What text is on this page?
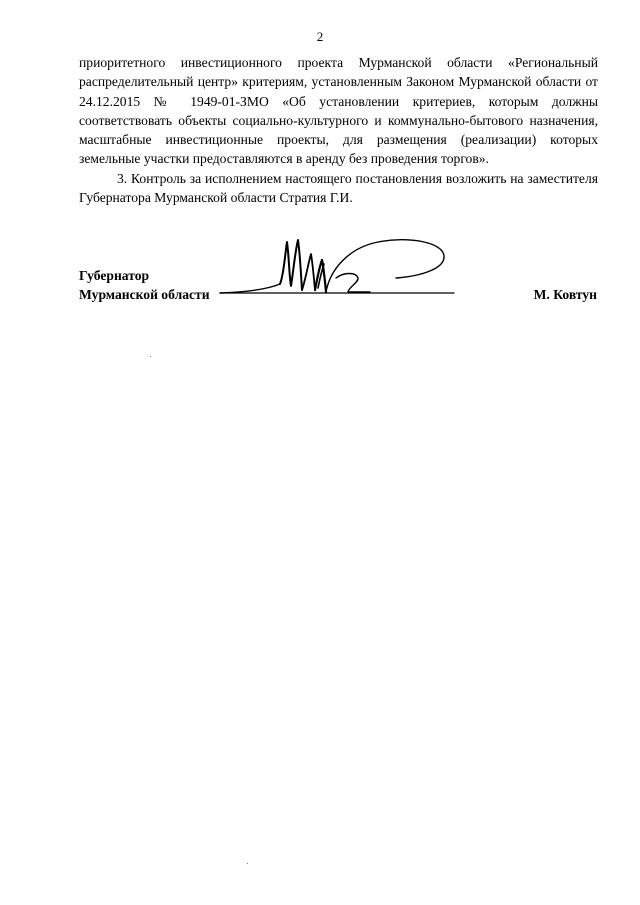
2

приоритетного инвестиционного проекта Мурманской области «Региональный распределительный центр» критериям, установленным Законом Мурманской области от 24.12.2015 № 1949-01-ЗМО «Об установлении критериев, которым должны соответствовать объекты социально-культурного и коммунально-бытового назначения, масштабные инвестиционные проекты, для размещения (реализации) которых земельные участки предоставляются в аренду без проведения торгов».

3. Контроль за исполнением настоящего постановления возложить на заместителя Губернатора Мурманской области Стратия Г.И.

Губернатор
Мурманской области	М. Ковтун
